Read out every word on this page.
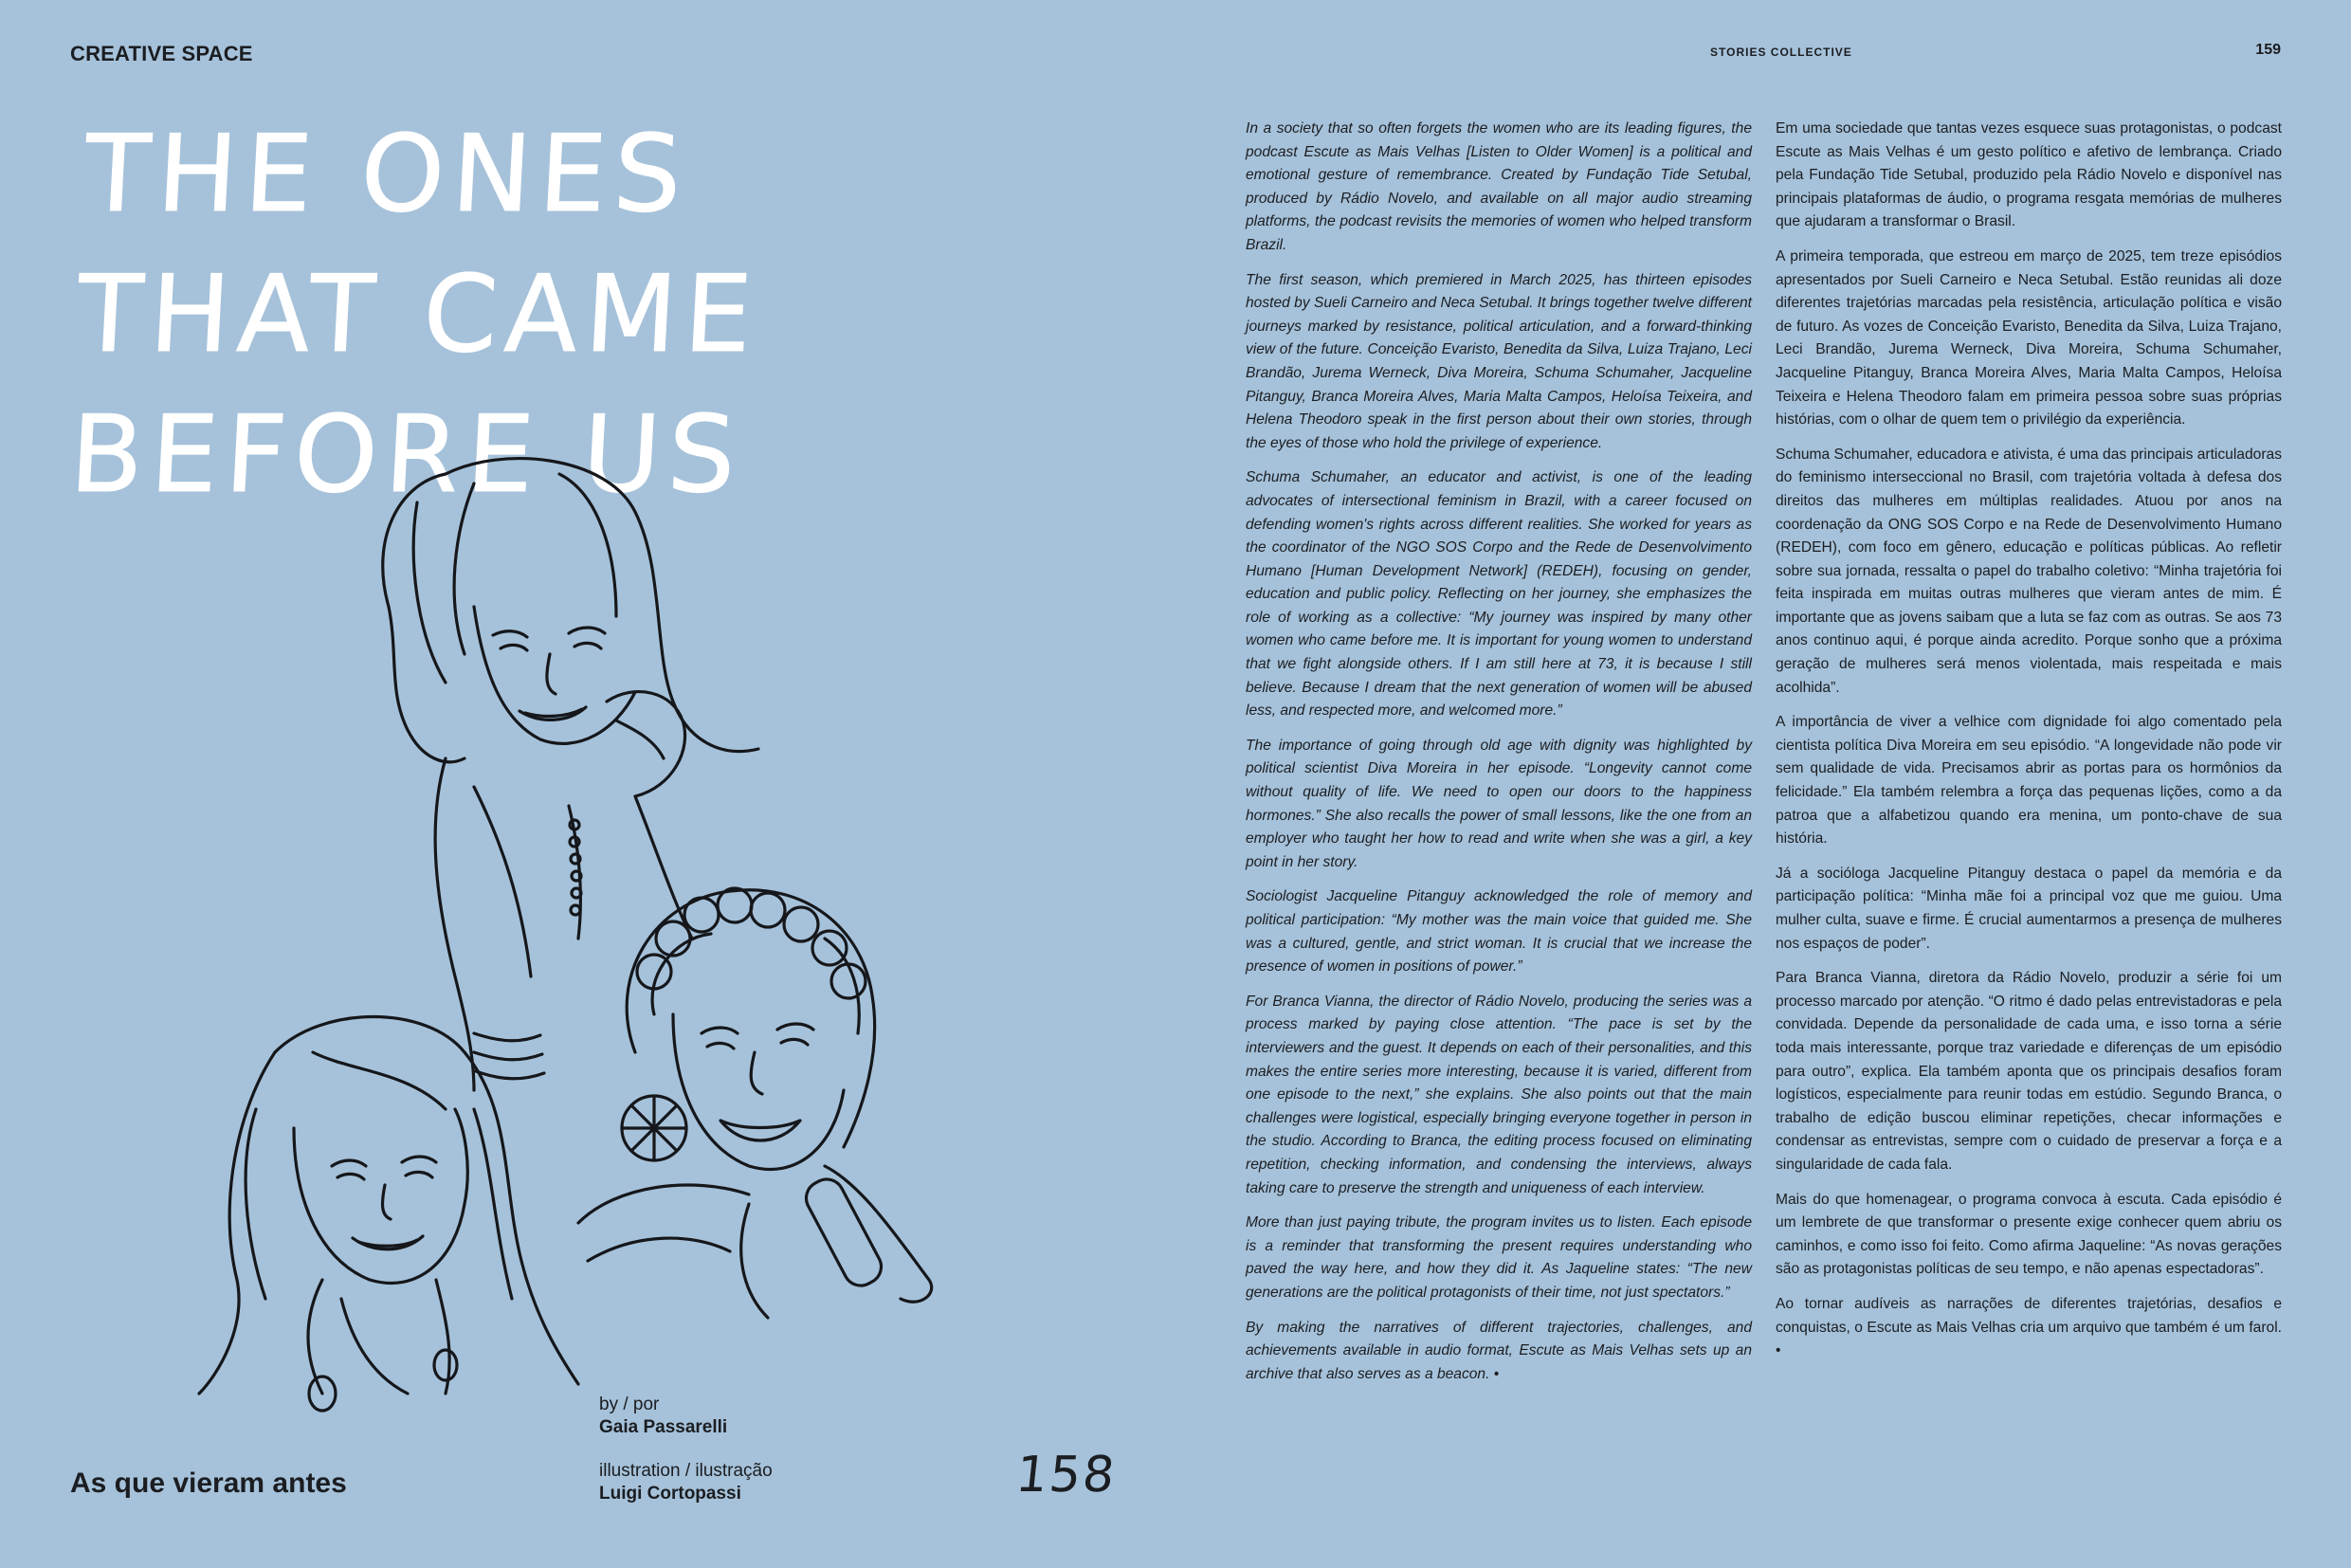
CREATIVE SPACE
THE ONES
THAT CAME
BEFORE US
by / por
Gaia Passarelli
illustration / ilustração
Luigi Cortopassi
As que vieram antes	158
STORIES COLLECTIVE	159

In a society that so often forgets the women who are its leading figures, the podcast Escute as Mais Velhas [Listen to Older Women] is a political and emotional gesture of remembrance. Created by Fundação Tide Setubal, produced by Rádio Novelo, and available on all major audio streaming platforms, the podcast revisits the memories of women who helped transform Brazil.

The first season, which premiered in March 2025, has thirteen episodes hosted by Sueli Carneiro and Neca Setubal. It brings together twelve different journeys marked by resistance, political articulation, and a forward-thinking view of the future. Conceição Evaristo, Benedita da Silva, Luiza Trajano, Leci Brandão, Jurema Werneck, Diva Moreira, Schuma Schumaher, Jacqueline Pitanguy, Branca Moreira Alves, Maria Malta Campos, Heloísa Teixeira, and Helena Theodoro speak in the first person about their own stories, through the eyes of those who hold the privilege of experience.

Schuma Schumaher, an educator and activist, is one of the leading advocates of intersectional feminism in Brazil, with a career focused on defending women's rights across different realities. She worked for years as the coordinator of the NGO SOS Corpo and the Rede de Desenvolvimento Humano [Human Development Network] (REDEH), focusing on gender, education and public policy. Reflecting on her journey, she emphasizes the role of working as a collective: “My journey was inspired by many other women who came before me. It is important for young women to understand that we fight alongside others. If I am still here at 73, it is because I still believe. Because I dream that the next generation of women will be abused less, and respected more, and welcomed more.”

The importance of going through old age with dignity was highlighted by political scientist Diva Moreira in her episode. “Longevity cannot come without quality of life. We need to open our doors to the happiness hormones.” She also recalls the power of small lessons, like the one from an employer who taught her how to read and write when she was a girl, a key point in her story.

Sociologist Jacqueline Pitanguy acknowledged the role of memory and political participation: “My mother was the main voice that guided me. She was a cultured, gentle, and strict woman. It is crucial that we increase the presence of women in positions of power.”

For Branca Vianna, the director of Rádio Novelo, producing the series was a process marked by paying close attention. “The pace is set by the interviewers and the guest. It depends on each of their personalities, and this makes the entire series more interesting, because it is varied, different from one episode to the next,” she explains. She also points out that the main challenges were logistical, especially bringing everyone together in person in the studio. According to Branca, the editing process focused on eliminating repetition, checking information, and condensing the interviews, always taking care to preserve the strength and uniqueness of each interview.

More than just paying tribute, the program invites us to listen. Each episode is a reminder that transforming the present requires understanding who paved the way here, and how they did it. As Jaqueline states: “The new generations are the political protagonists of their time, not just spectators.”

By making the narratives of different trajectories, challenges, and achievements available in audio format, Escute as Mais Velhas sets up an archive that also serves as a beacon. •

Em uma sociedade que tantas vezes esquece suas protagonistas, o podcast Escute as Mais Velhas é um gesto político e afetivo de lembrança. Criado pela Fundação Tide Setubal, produzido pela Rádio Novelo e disponível nas principais plataformas de áudio, o programa resgata memórias de mulheres que ajudaram a transformar o Brasil.

A primeira temporada, que estreou em março de 2025, tem treze episódios apresentados por Sueli Carneiro e Neca Setubal. Estão reunidas ali doze diferentes trajetórias marcadas pela resistência, articulação política e visão de futuro. As vozes de Conceição Evaristo, Benedita da Silva, Luiza Trajano, Leci Brandão, Jurema Werneck, Diva Moreira, Schuma Schumaher, Jacqueline Pitanguy, Branca Moreira Alves, Maria Malta Campos, Heloísa Teixeira e Helena Theodoro falam em primeira pessoa sobre suas próprias histórias, com o olhar de quem tem o privilégio da experiência.

Schuma Schumaher, educadora e ativista, é uma das principais articuladoras do feminismo interseccional no Brasil, com trajetória voltada à defesa dos direitos das mulheres em múltiplas realidades. Atuou por anos na coordenação da ONG SOS Corpo e na Rede de Desenvolvimento Humano (REDEH), com foco em gênero, educação e políticas públicas. Ao refletir sobre sua jornada, ressalta o papel do trabalho coletivo: “Minha trajetória foi feita inspirada em muitas outras mulheres que vieram antes de mim. É importante que as jovens saibam que a luta se faz com as outras. Se aos 73 anos continuo aqui, é porque ainda acredito. Porque sonho que a próxima geração de mulheres será menos violentada, mais respeitada e mais acolhida”.

A importância de viver a velhice com dignidade foi algo comentado pela cientista política Diva Moreira em seu episódio. “A longevidade não pode vir sem qualidade de vida. Precisamos abrir as portas para os hormônios da felicidade.” Ela também relembra a força das pequenas lições, como a da patroa que a alfabetizou quando era menina, um ponto-chave de sua história.

Já a socióloga Jacqueline Pitanguy destaca o papel da memória e da participação política: “Minha mãe foi a principal voz que me guiou. Uma mulher culta, suave e firme. É crucial aumentarmos a presença de mulheres nos espaços de poder”.

Para Branca Vianna, diretora da Rádio Novelo, produzir a série foi um processo marcado por atenção. “O ritmo é dado pelas entrevistadoras e pela convidada. Depende da personalidade de cada uma, e isso torna a série toda mais interessante, porque traz variedade e diferenças de um episódio para outro”, explica. Ela também aponta que os principais desafios foram logísticos, especialmente para reunir todas em estúdio. Segundo Branca, o trabalho de edição buscou eliminar repetições, checar informações e condensar as entrevistas, sempre com o cuidado de preservar a força e a singularidade de cada fala.

Mais do que homenagear, o programa convoca à escuta. Cada episódio é um lembrete de que transformar o presente exige conhecer quem abriu os caminhos, e como isso foi feito. Como afirma Jaqueline: “As novas gerações são as protagonistas políticas de seu tempo, e não apenas espectadoras”.

Ao tornar audíveis as narrações de diferentes trajetórias, desafios e conquistas, o Escute as Mais Velhas cria um arquivo que também é um farol. •
